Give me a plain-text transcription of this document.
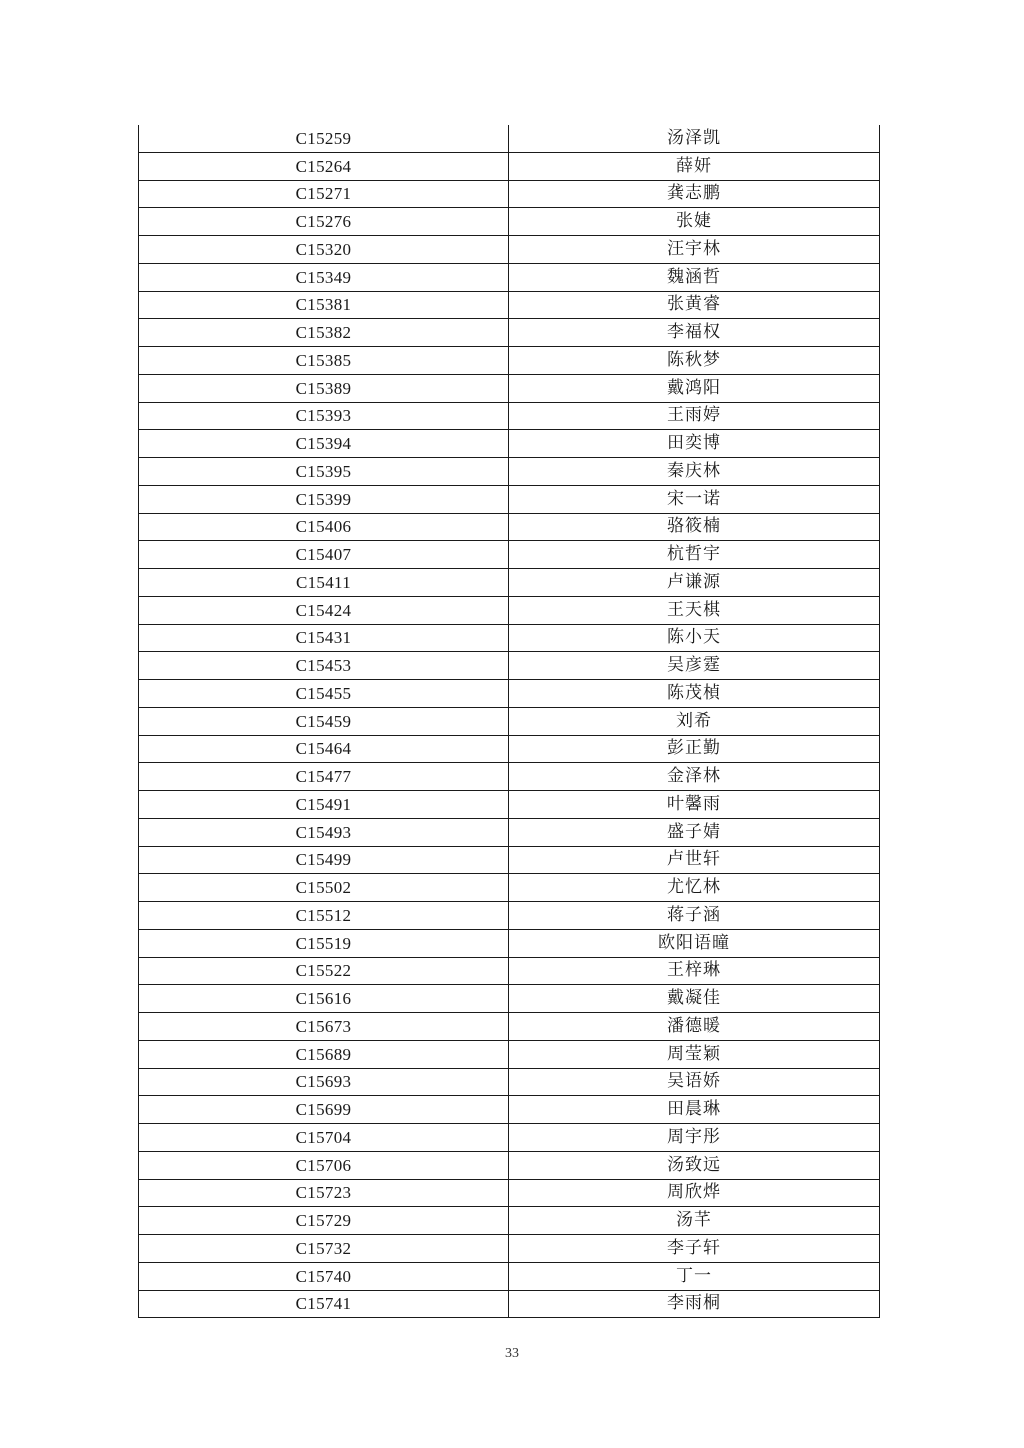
C15259	汤泽凯
C15264	薛妍
C15271	龚志鹏
C15276	张婕
C15320	汪宇林
C15349	魏涵哲
C15381	张黄睿
C15382	李福权
C15385	陈秋梦
C15389	戴鸿阳
C15393	王雨婷
C15394	田奕博
C15395	秦庆林
C15399	宋一诺
C15406	骆筱楠
C15407	杭哲宇
C15411	卢谦源
C15424	王天棋
C15431	陈小天
C15453	吴彦霆
C15455	陈茂楨
C15459	刘希
C15464	彭正勤
C15477	金泽林
C15491	叶馨雨
C15493	盛子婧
C15499	卢世轩
C15502	尤忆林
C15512	蒋子涵
C15519	欧阳语曈
C15522	王梓琳
C15616	戴凝佳
C15673	潘德暖
C15689	周莹颖
C15693	吴语娇
C15699	田晨琳
C15704	周宇彤
C15706	汤致远
C15723	周欣烨
C15729	汤芊
C15732	李子轩
C15740	丁一
C15741	李雨桐
33
